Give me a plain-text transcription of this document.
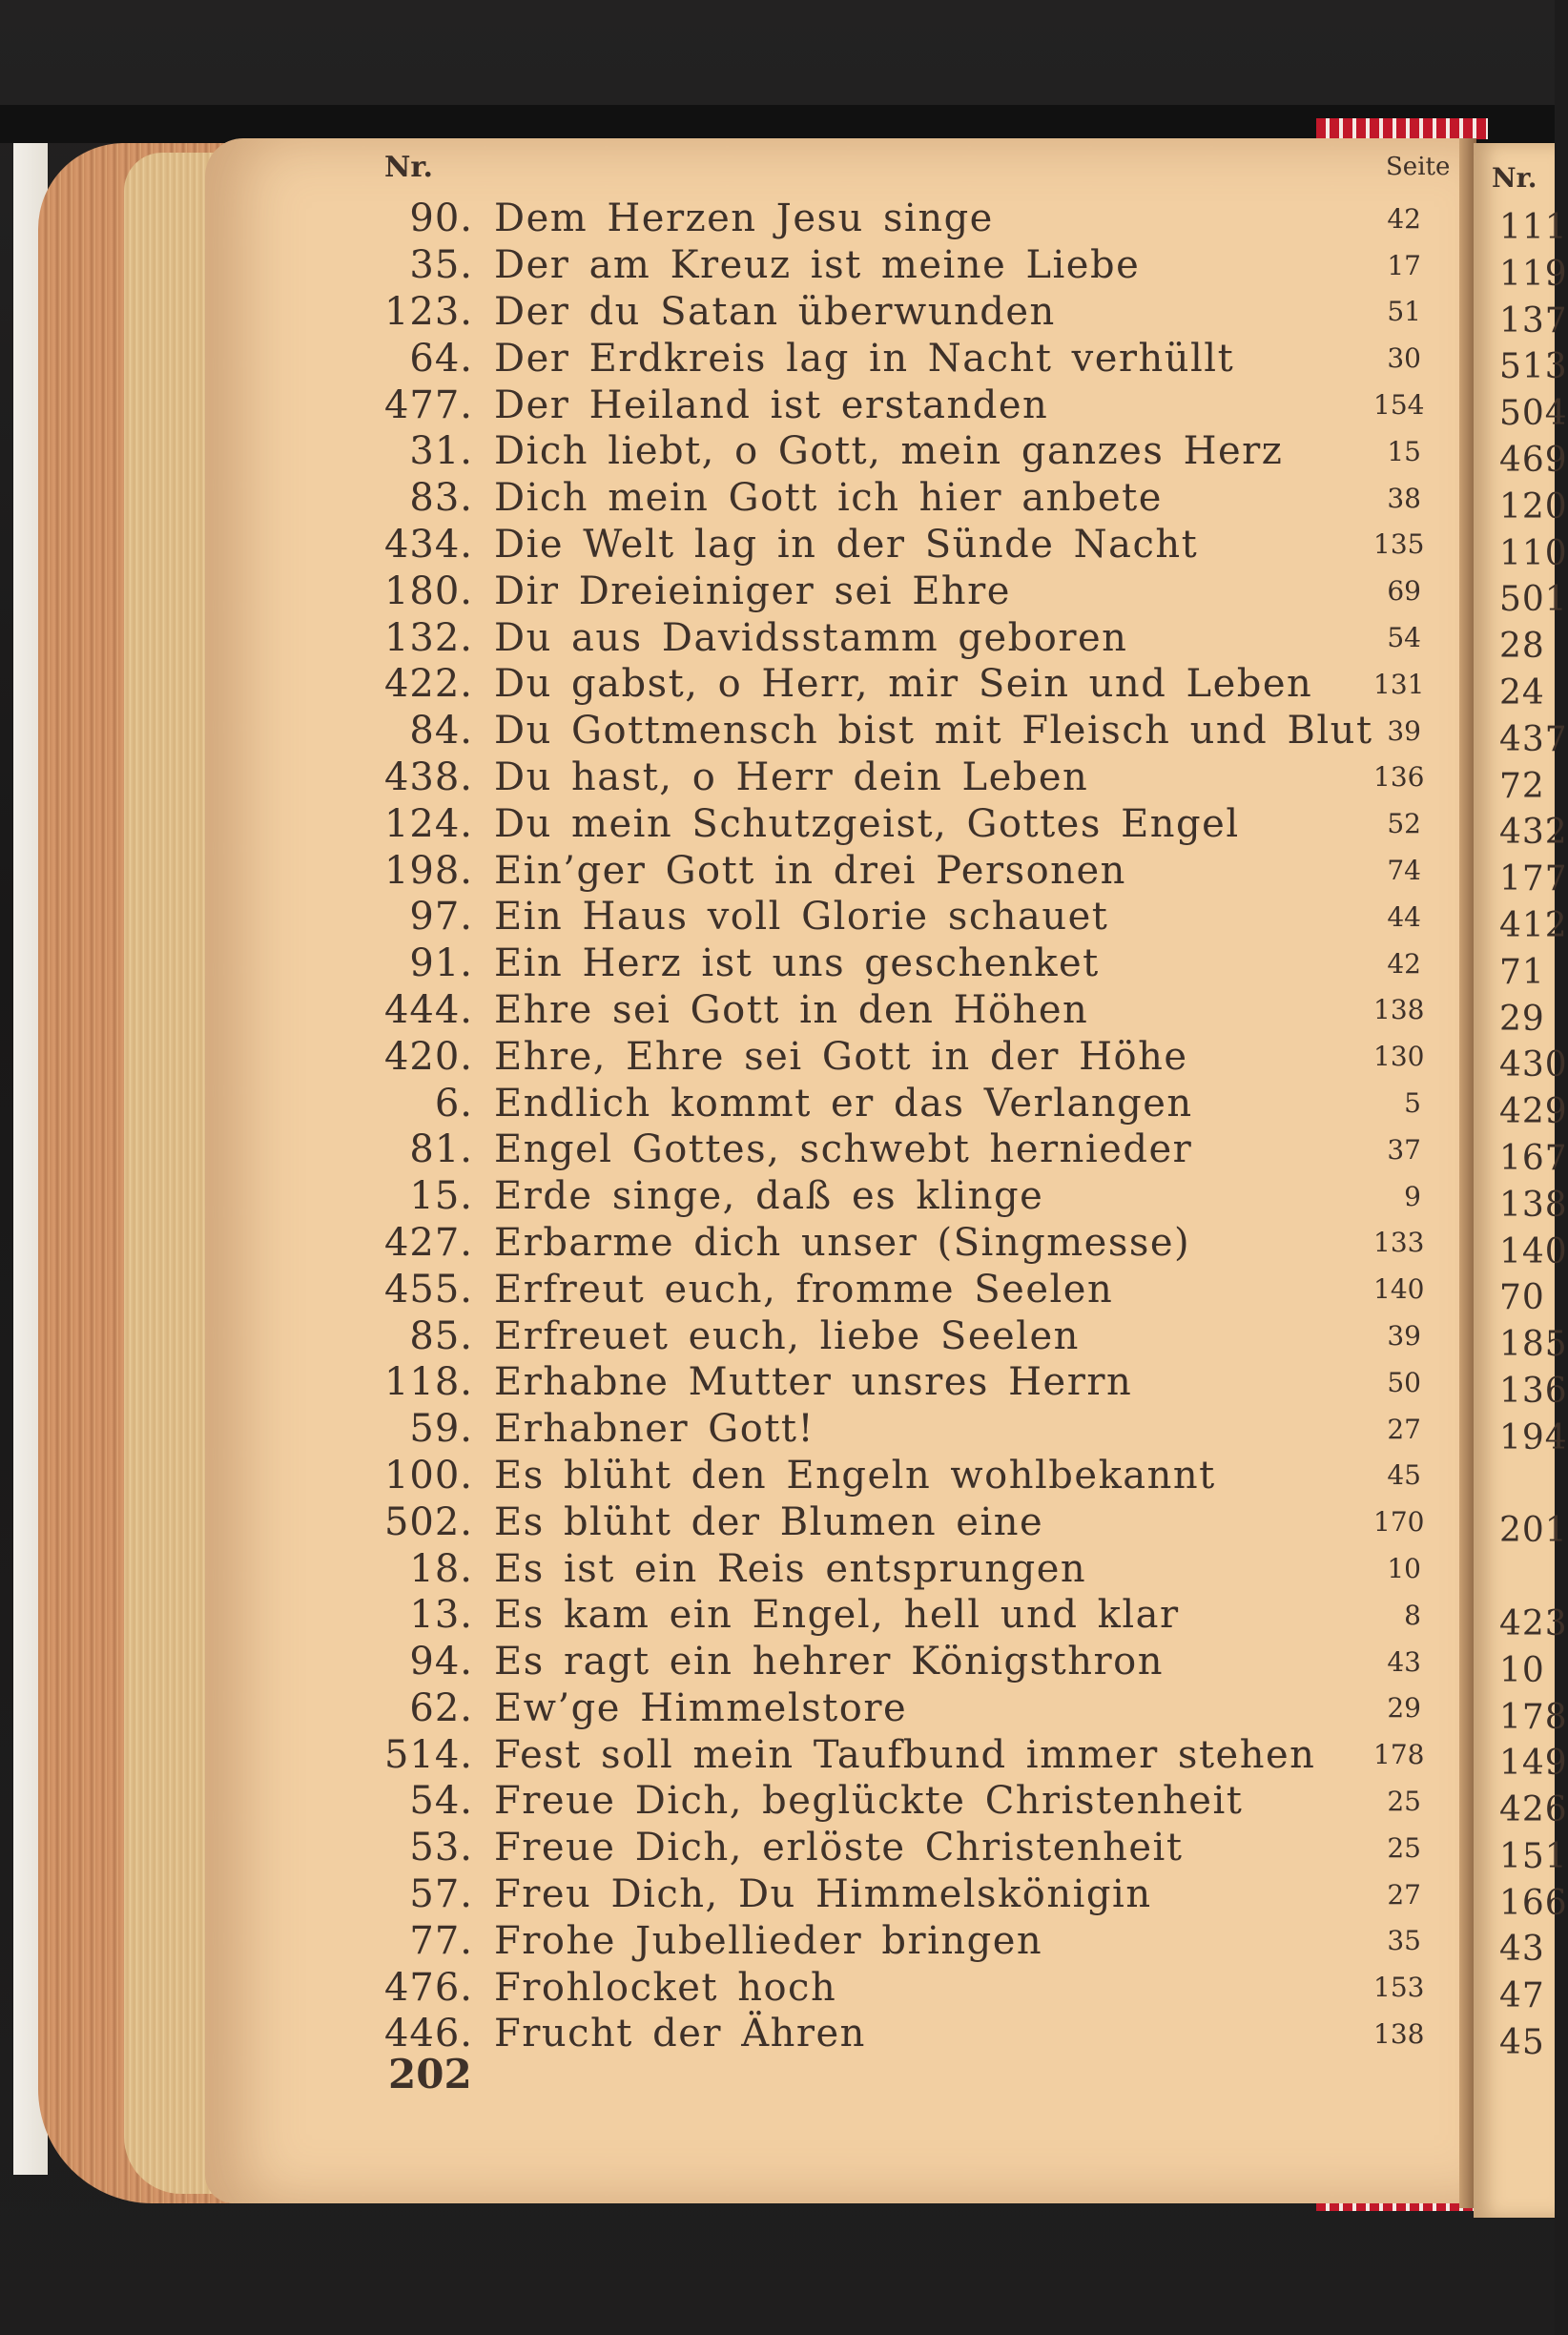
Nr.	Seite Nr.
90. Dem Herzen Jesu singe	42
35. Der am Kreuz ist meine Liebe	17
123. Der du Satan überwunden	51
64. Der Erdkreis lag in Nacht verhüllt	30
477. Der Heiland ist erstanden	154
31. Dich liebt, o Gott, mein ganzes Herz	15
83. Dich mein Gott ich hier anbete	38
434. Die Welt lag in der Sünde Nacht	135
180. Dir Dreieiniger sei Ehre	69
132. Du aus Davidsstamm geboren	54
422. Du gabst, o Herr, mir Sein und Leben 131
84. Du Gottmensch bist mit Fleisch und Blut 39
438. Du hast, o Herr dein Leben	136
124. Du mein Schutzgeist, Gottes Engel	52
198. Ein’ger Gott in drei Personen	74
97. Ein Haus voll Glorie schauet	44
91. Ein Herz ist uns geschenket	42
444. Ehre sei Gott in den Höhen	138
420. Ehre, Ehre sei Gott in der Höhe	130
6. Endlich kommt er das Verlangen	5
81. Engel Gottes, schwebt hernieder	37
15. Erde singe, daß es klinge	9
427. Erbarme dich unser (Singmesse)	133
455. Erfreut euch, fromme Seelen	140
85. Erfreuet euch, liebe Seelen	39
118. Erhabne Mutter unsres Herrn	50
59. Erhabner Gott!	27
100. Es blüht den Engeln wohlbekannt	45
502. Es blüht der Blumen eine	170
18. Es ist ein Reis entsprungen	10
13. Es kam ein Engel, hell und klar	8
94. Es ragt ein hehrer Königsthron	43
62. Ew’ge Himmelstore	29
514. Fest soll mein Taufbund immer stehen 178
54. Freue Dich, beglückte Christenheit	25
53. Freue Dich, erlöste Christenheit	25
57. Freu Dich, Du Himmelskönigin	27
77. Frohe Jubellieder bringen	35
476. Frohlocket hoch	153
446. Frucht der Ähren	138
111
119
137
513
504
469
120
110
501
28
24
437
72
432
177
412
71
29
430
429
167
138
140
70
185
136
194
201
423
10
178
149
426
151
166
43
47
45
202
